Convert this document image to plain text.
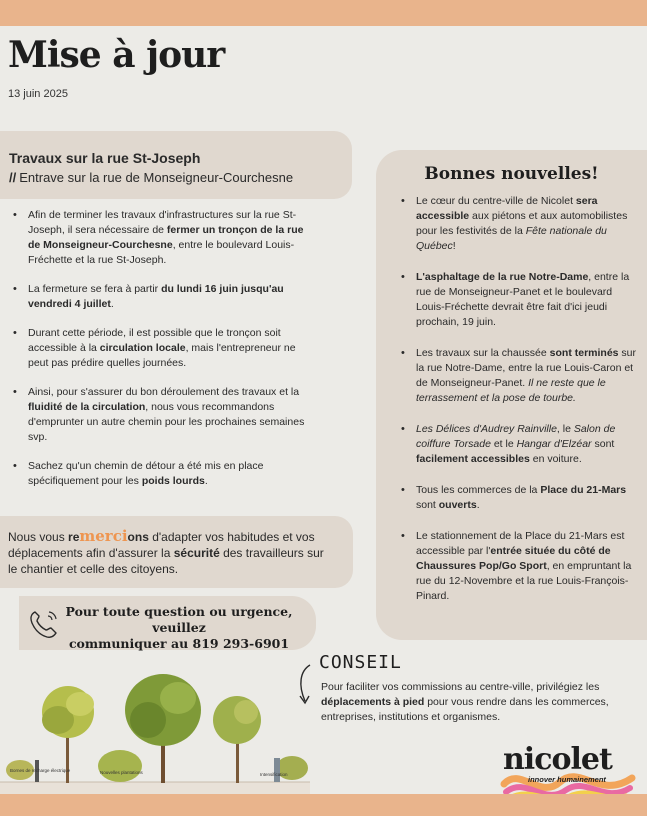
Mise à jour
13 juin 2025
Travaux sur la rue St-Joseph
// Entrave sur la rue de Monseigneur-Courchesne
• Afin de terminer les travaux d'infrastructures sur la rue St-Joseph, il sera nécessaire de fermer un tronçon de la rue de Monseigneur-Courchesne, entre le boulevard Louis-Fréchette et la rue St-Joseph.
• La fermeture se fera à partir du lundi 16 juin jusqu'au vendredi 4 juillet.
• Durant cette période, il est possible que le tronçon soit accessible à la circulation locale, mais l'entrepreneur ne peut pas prédire quelles journées.
• Ainsi, pour s'assurer du bon déroulement des travaux et la fluidité de la circulation, nous vous recommandons d'emprunter un autre chemin pour les prochaines semaines svp.
• Sachez qu'un chemin de détour a été mis en place spécifiquement pour les poids lourds.

Nous vous remercions d'adapter vos habitudes et vos déplacements afin d'assurer la sécurité des travailleurs sur le chantier et celle des citoyens.

Pour toute question ou urgence, veuillez
communiquer au 819 293-6901
Bonnes nouvelles!
• Le cœur du centre-ville de Nicolet sera accessible aux piétons et aux automobilistes pour les festivités de la Fête nationale du Québec!
• L'asphaltage de la rue Notre-Dame, entre la rue de Monseigneur-Panet et le boulevard Louis-Fréchette devrait être fait d'ici jeudi prochain, 19 juin.
• Les travaux sur la chaussée sont terminés sur la rue Notre-Dame, entre la rue Louis-Caron et de Monseigneur-Panet. Il ne reste que le terrassement et la pose de tourbe.
• Les Délices d'Audrey Rainville, le Salon de coiffure Torsade et le Hangar d'Elzéar sont facilement accessibles en voiture.
• Tous les commerces de la Place du 21-Mars sont ouverts.
• Le stationnement de la Place du 21-Mars est accessible par l'entrée située du côté de Chaussures Pop/Go Sport, en empruntant la rue du 12-Novembre et la rue Louis-François-Pinard.
CONSEIL
Pour faciliter vos commissions au centre-ville, privilégiez les déplacements à pied pour vous rendre dans les commerces, entreprises, institutions et organismes.
Bornes de recharge électrique	Nouvelles plantations	Intensification	nicolet
innover humainement
